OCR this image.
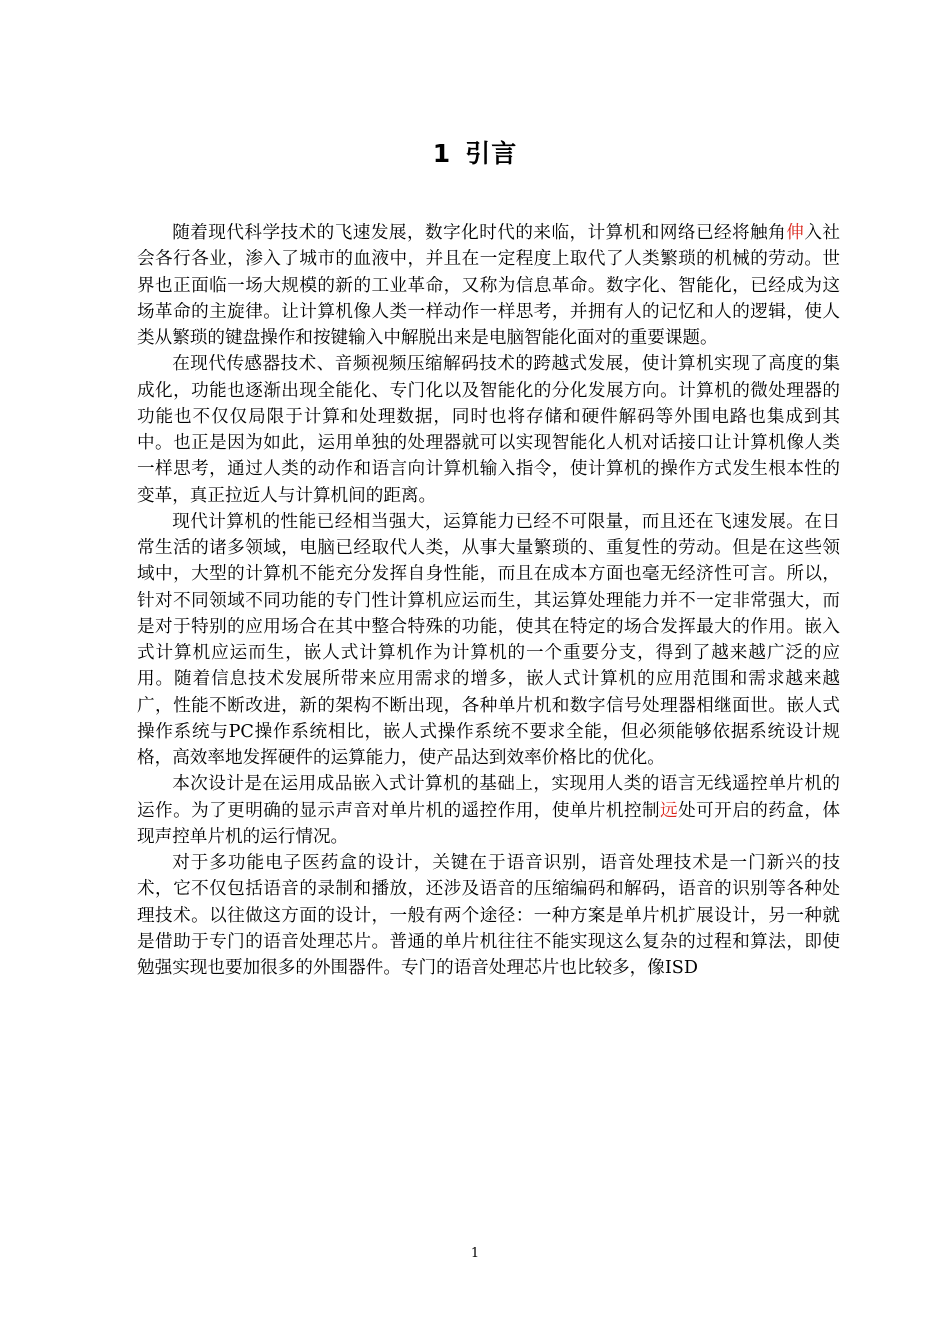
1 引言

随着现代科学技术的飞速发展，数字化时代的来临，计算机和网络已经将触角伸入社会各行各业，渗入了城市的血液中，并且在一定程度上取代了人类繁琐的机械的劳动。世界也正面临一场大规模的新的工业革命，又称为信息革命。数字化、智能化，已经成为这场革命的主旋律。让计算机像人类一样动作一样思考，并拥有人的记忆和人的逻辑，使人类从繁琐的键盘操作和按键输入中解脱出来是电脑智能化面对的重要课题。

在现代传感器技术、音频视频压缩解码技术的跨越式发展，使计算机实现了高度的集成化，功能也逐渐出现全能化、专门化以及智能化的分化发展方向。计算机的微处理器的功能也不仅仅局限于计算和处理数据，同时也将存储和硬件解码等外围电路也集成到其中。也正是因为如此，运用单独的处理器就可以实现智能化人机对话接口让计算机像人类一样思考，通过人类的动作和语言向计算机输入指令，使计算机的操作方式发生根本性的变革，真正拉近人与计算机间的距离。

现代计算机的性能已经相当强大，运算能力已经不可限量，而且还在飞速发展。在日常生活的诸多领域，电脑已经取代人类，从事大量繁琐的、重复性的劳动。但是在这些领域中，大型的计算机不能充分发挥自身性能，而且在成本方面也毫无经济性可言。所以，针对不同领域不同功能的专门性计算机应运而生，其运算处理能力并不一定非常强大，而是对于特别的应用场合在其中整合特殊的功能，使其在特定的场合发挥最大的作用。嵌入式计算机应运而生，嵌人式计算机作为计算机的一个重要分支，得到了越来越广泛的应用。随着信息技术发展所带来应用需求的增多，嵌人式计算机的应用范围和需求越来越广，性能不断改进，新的架构不断出现，各种单片机和数字信号处理器相继面世。嵌人式操作系统与PC操作系统相比，嵌人式操作系统不要求全能，但必须能够依据系统设计规格，高效率地发挥硬件的运算能力，使产品达到效率价格比的优化。

本次设计是在运用成品嵌入式计算机的基础上，实现用人类的语言无线遥控单片机的运作。为了更明确的显示声音对单片机的遥控作用，使单片机控制远处可开启的药盒，体现声控单片机的运行情况。

对于多功能电子医药盒的设计，关键在于语音识别，语音处理技术是一门新兴的技术，它不仅包括语音的录制和播放，还涉及语音的压缩编码和解码，语音的识别等各种处理技术。以往做这方面的设计，一般有两个途径：一种方案是单片机扩展设计，另一种就是借助于专门的语音处理芯片。普通的单片机往往不能实现这么复杂的过程和算法，即使勉强实现也要加很多的外围器件。专门的语音处理芯片也比较多，像ISD

1
